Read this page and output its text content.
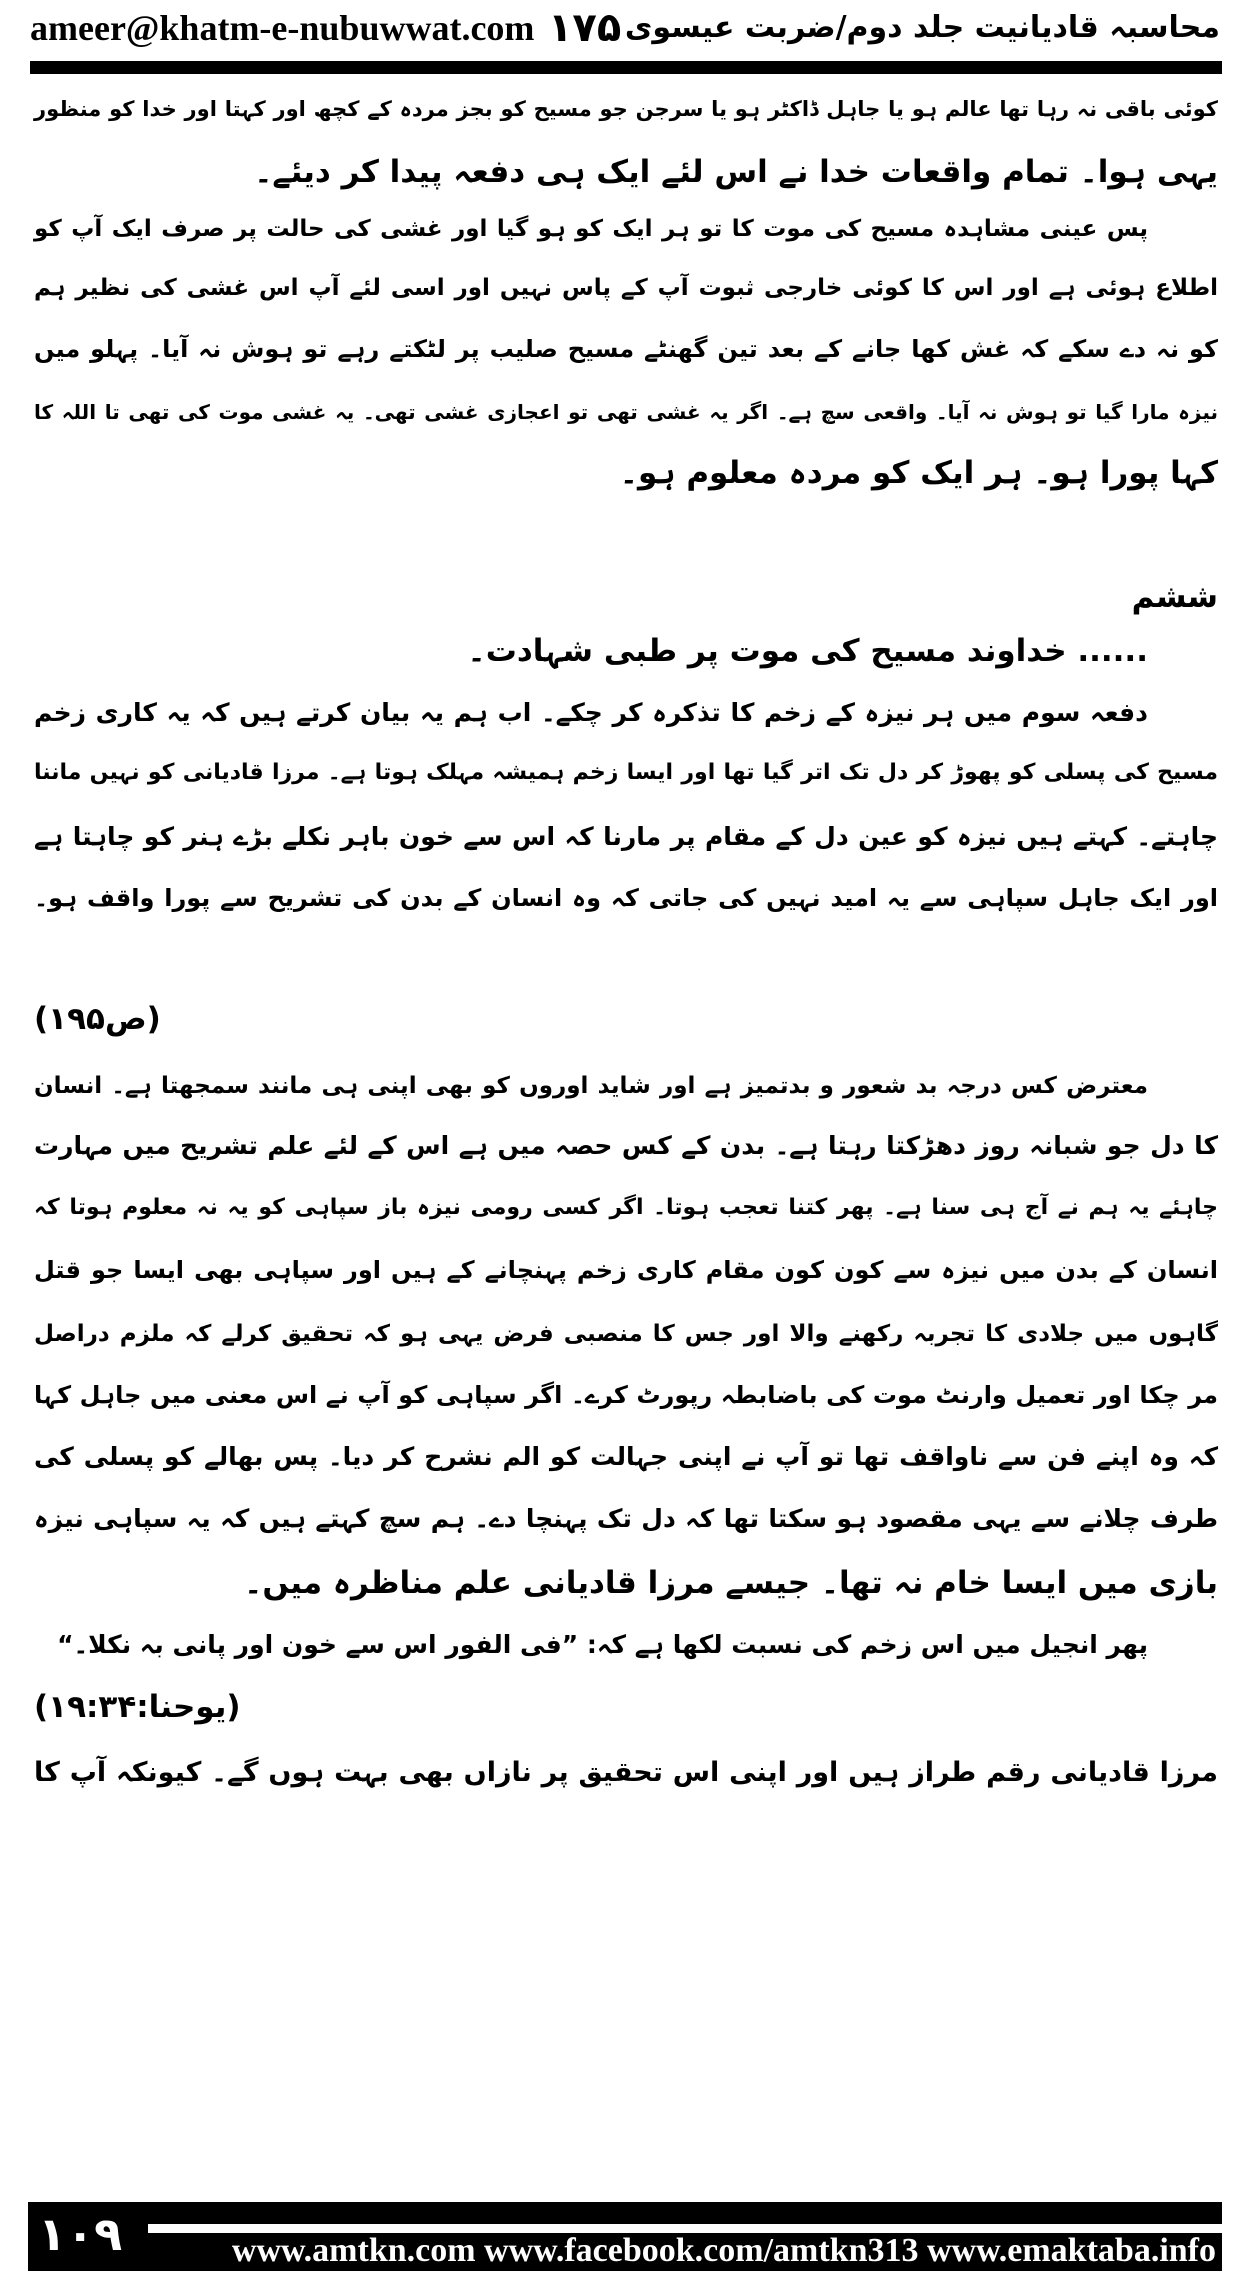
ameer@khatm-e-nubuwwat.com ۱۷۵ محاسبہ قادیانیت جلد دوم/ضربت عیسوی
کوئی باقی نہ رہا تھا عالم ہو یا جاہل ڈاکٹر ہو یا سرجن جو مسیح کو بجز مردہ کے کچھ اور کہتا اور خدا کو منظور
یہی ہوا۔ تمام واقعات خدا نے اس لئے ایک ہی دفعہ پیدا کر دیئے۔
پس عینی مشاہدہ مسیح کی موت کا تو ہر ایک کو ہو گیا اور غشی کی حالت پر صرف ایک آپ کو
اطلاع ہوئی ہے اور اس کا کوئی خارجی ثبوت آپ کے پاس نہیں اور اسی لئے آپ اس غشی کی نظیر ہم
کو نہ دے سکے کہ غش کھا جانے کے بعد تین گھنٹے مسیح صلیب پر لٹکتے رہے تو ہوش نہ آیا۔ پہلو میں
نیزہ مارا گیا تو ہوش نہ آیا۔ واقعی سچ ہے۔ اگر یہ غشی تھی تو اعجازی غشی تھی۔ یہ غشی موت کی تھی تا اللہ کا
کہا پورا ہو۔ ہر ایک کو مردہ معلوم ہو۔
ششم
...... خداوند مسیح کی موت پر طبی شہادت۔
دفعہ سوم میں ہر نیزہ کے زخم کا تذکرہ کر چکے۔ اب ہم یہ بیان کرتے ہیں کہ یہ کاری زخم
مسیح کی پسلی کو پھوڑ کر دل تک اتر گیا تھا اور ایسا زخم ہمیشہ مہلک ہوتا ہے۔ مرزا قادیانی کو نہیں ماننا
چاہتے۔ کہتے ہیں نیزہ کو عین دل کے مقام پر مارنا کہ اس سے خون باہر نکلے بڑے ہنر کو چاہتا ہے
اور ایک جاہل سپاہی سے یہ امید نہیں کی جاتی کہ وہ انسان کے بدن کی تشریح سے پورا واقف ہو۔
(ص۱۹۵)
معترض کس درجہ بد شعور و بدتمیز ہے اور شاید اوروں کو بھی اپنی ہی مانند سمجھتا ہے۔ انسان
کا دل جو شبانہ روز دھڑکتا رہتا ہے۔ بدن کے کس حصہ میں ہے اس کے لئے علم تشریح میں مہارت
چاہئے یہ ہم نے آج ہی سنا ہے۔ پھر کتنا تعجب ہوتا۔ اگر کسی رومی نیزہ باز سپاہی کو یہ نہ معلوم ہوتا کہ
انسان کے بدن میں نیزہ سے کون کون مقام کاری زخم پہنچانے کے ہیں اور سپاہی بھی ایسا جو قتل
گاہوں میں جلادی کا تجربہ رکھنے والا اور جس کا منصبی فرض یہی ہو کہ تحقیق کرلے کہ ملزم دراصل
مر چکا اور تعمیل وارنٹ موت کی باضابطہ رپورٹ کرے۔ اگر سپاہی کو آپ نے اس معنی میں جاہل کہا
کہ وہ اپنے فن سے ناواقف تھا تو آپ نے اپنی جہالت کو الم نشرح کر دیا۔ پس بھالے کو پسلی کی
طرف چلانے سے یہی مقصود ہو سکتا تھا کہ دل تک پہنچا دے۔ ہم سچ کہتے ہیں کہ یہ سپاہی نیزہ
بازی میں ایسا خام نہ تھا۔ جیسے مرزا قادیانی علم مناظرہ میں۔
پھر انجیل میں اس زخم کی نسبت لکھا ہے کہ: ”فی الفور اس سے خون اور پانی بہ نکلا۔“
(یوحنا:۱۹:۳۴)
مرزا قادیانی رقم طراز ہیں اور اپنی اس تحقیق پر نازاں بھی بہت ہوں گے۔ کیونکہ آپ کا
۱۰۹	www.amtkn.com www.facebook.com/amtkn313 www.emaktaba.info
